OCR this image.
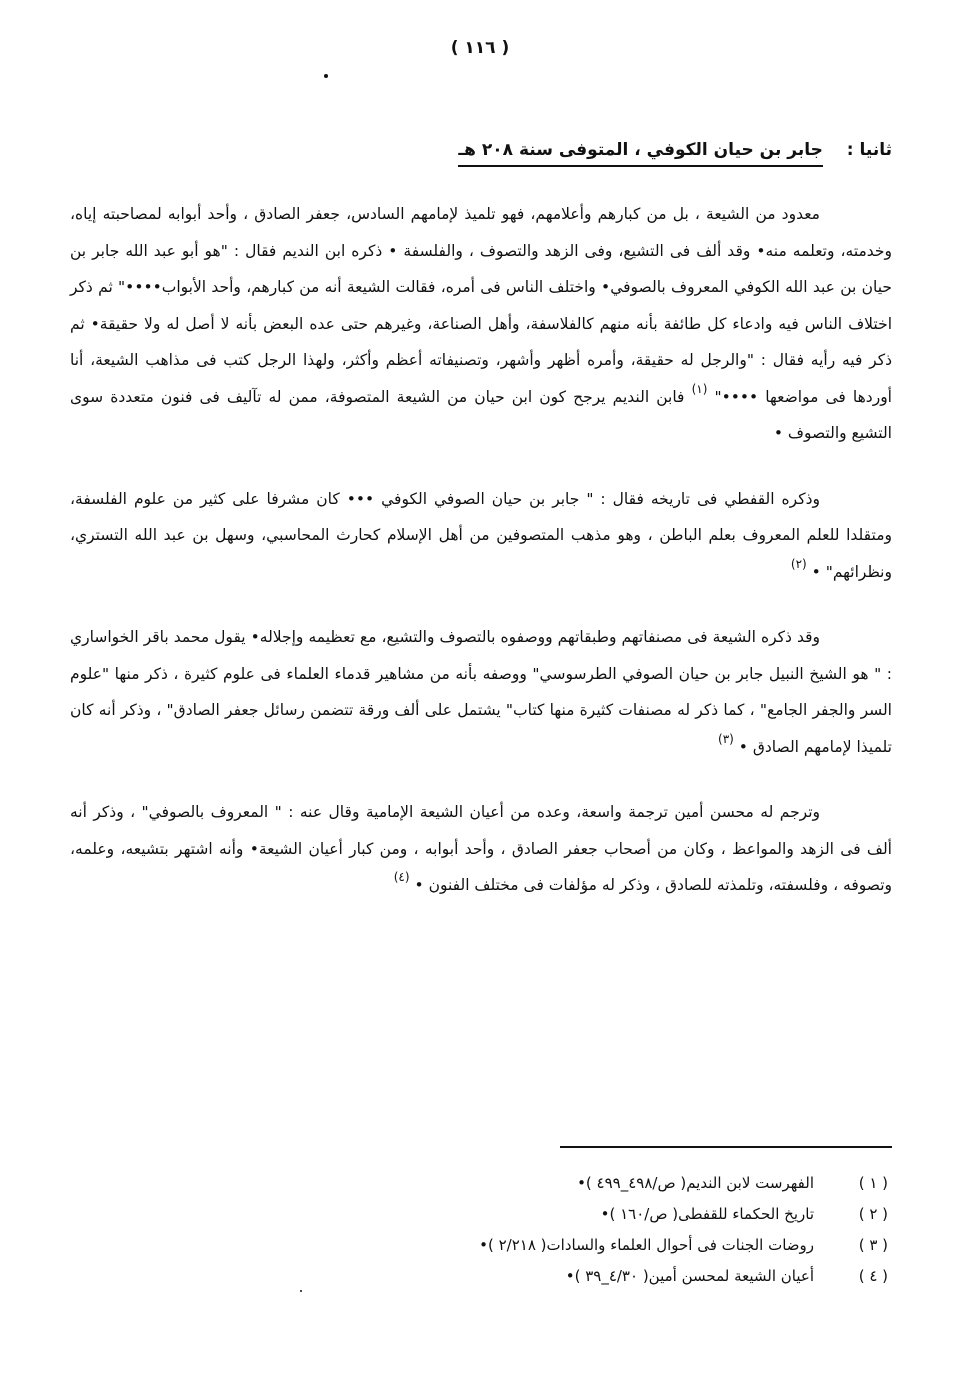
( ١١٦ )
ثانيا : جابر بن حيان الكوفي ، المتوفى سنة ٢٠٨ هـ

معدود من الشيعة ، بل من كبارهم وأعلامهم، فهو تلميذ لإمامهم السادس، جعفر الصادق ، وأحد أبوابه لمصاحبته إياه، وخدمته، وتعلمه منه• وقد ألف فى التشيع، وفى الزهد والتصوف ، والفلسفة • ذكره ابن النديم فقال : "هو أبو عبد الله جابر بن حيان بن عبد الله الكوفي المعروف بالصوفي• واختلف الناس فى أمره، فقالت الشيعة أنه من كبارهم، وأحد الأبواب••••" ثم ذكر اختلاف الناس فيه وادعاء كل طائفة بأنه منهم كالفلاسفة، وأهل الصناعة، وغيرهم حتى عده البعض بأنه لا أصل له ولا حقيقة• ثم ذكر فيه رأيه فقال : "والرجل له حقيقة، وأمره أظهر وأشهر، وتصنيفاته أعظم وأكثر، ولهذا الرجل كتب فى مذاهب الشيعة، أنا أوردها فى مواضعها ••••" $^{(١)}$ فابن النديم يرجح كون ابن حيان من الشيعة المتصوفة، ممن له تآليف فى فنون متعددة سوى التشيع والتصوف •

وذكره القفطي فى تاريخه فقال : " جابر بن حيان الصوفي الكوفي ••• كان مشرفا على كثير من علوم الفلسفة، ومتقلدا للعلم المعروف بعلم الباطن ، وهو مذهب المتصوفين من أهل الإسلام كحارث المحاسبي، وسهل بن عبد الله التستري، ونظرائهم" • $^{(٢)}$

وقد ذكره الشيعة فى مصنفاتهم وطبقاتهم ووصفوه بالتصوف والتشيع، مع تعظيمه وإجلاله• يقول محمد باقر الخواساري : " هو الشيخ النبيل جابر بن حيان الصوفي الطرسوسي" ووصفه بأنه من مشاهير قدماء العلماء فى علوم كثيرة ، ذكر منها "علوم السر والجفر الجامع" ، كما ذكر له مصنفات كثيرة منها كتاب" يشتمل على ألف ورقة تتضمن رسائل جعفر الصادق" ، وذكر أنه كان تلميذا لإمامهم الصادق • $^{(٣)}$

وترجم له محسن أمين ترجمة واسعة، وعده من أعيان الشيعة الإمامية وقال عنه : " المعروف بالصوفي" ، وذكر أنه ألف فى الزهد والمواعظ ، وكان من أصحاب جعفر الصادق ، وأحد أبوابه ، ومن كبار أعيان الشيعة• وأنه اشتهر بتشيعه، وعلمه، وتصوفه ، وفلسفته، وتلمذته للصادق ، وذكر له مؤلفات فى مختلف الفنون • $^{(٤)}$

( ١ )
الفهرست لابن النديم( ص/٤٩٨_٤٩٩ )•
( ٢ )
تاريخ الحكماء للقفطى( ص/١٦٠ )•
( ٣ )
روضات الجنات فى أحوال العلماء والسادات( ٢/٢١٨ )•
( ٤ )
أعيان الشيعة لمحسن أمين( ٤/٣٠_٣٩ )•
